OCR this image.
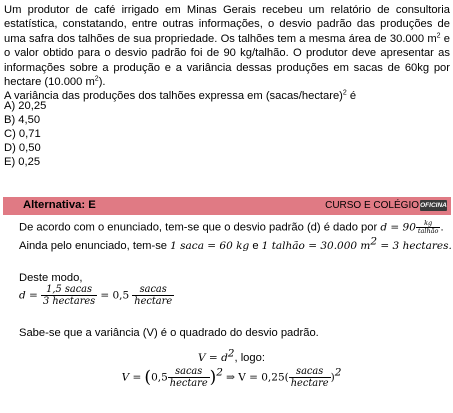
Um produtor de café irrigado em Minas Gerais recebeu um relatório de consultoria estatística, constatando, entre outras informações, o desvio padrão das produções de uma safra dos talhões de sua propriedade. Os talhões tem a mesma área de 30.000 $m^2$ e o valor obtido para o desvio padrão foi de 90 kg/talhão. O produtor deve apresentar as informações sobre a produção e a variância dessas produções em sacas de 60kg por hectare (10.000 $m^2$).

A variância das produções dos talhões expressa em (sacas/hectare)$^2$ é

A) 20,25
B) 4,50
C) 0,71
D) 0,50
E) 0,25
Alternativa: E	CURSO E COLÉGIO OFICINA
De acordo com o enunciado, tem-se que o desvio padrão (d) é dado por $d = 90 \frac{kg}{\text{talhão}}$ .
Ainda pelo enunciado, tem-se 1 saca = 60 kg e 1 talhão = 30.000 $m^2 = 3$ hectares.
Deste modo,
$d = \frac{\text{1,5 sacas}}{\text{3 hectares}} = 0,5 \frac{\text{sacas}}{\text{hectare}}$
Sabe-se que a variância (V) é o quadrado do desvio padrão.
$V = d^2$, logo:
$V = (0,5 \frac{\text{sacas}}{\text{hectare}} )^2$ ⇒ $V = 0,25( \frac{\text{sacas}}{\text{hectare}} )^2$
